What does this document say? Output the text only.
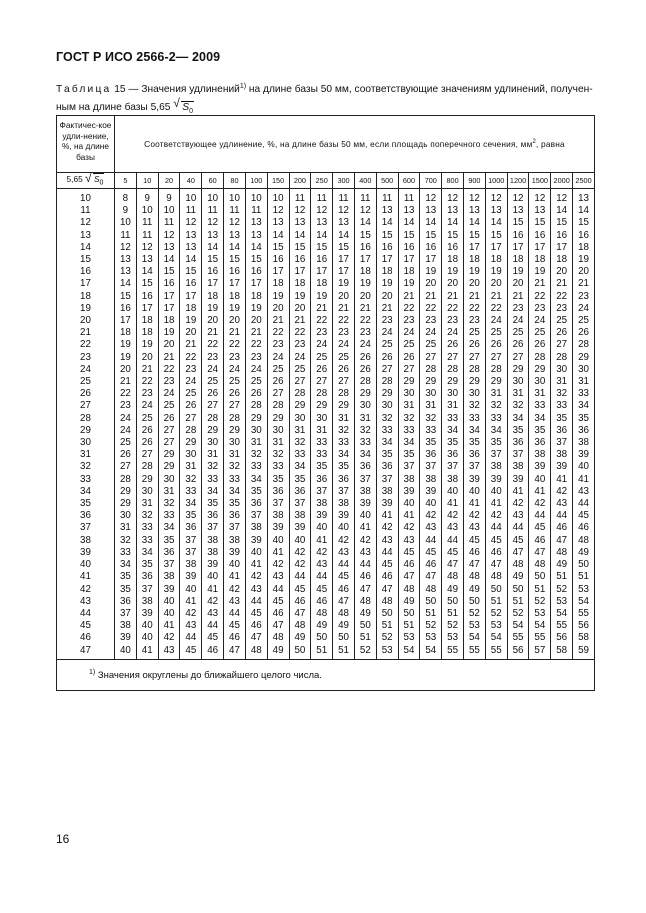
ГОСТ Р ИСО 2566-2— 2009
Таблица 15 — Значения удлинений$^{1)}$ на длине базы 50 мм, соответствующие значениям удлинений, получен-ным на длине базы 5,65 √ $S_0$
Фактичес-кое удли-нение, %, на длине базы	Соответствующее удлинение, %, на длине базы 50 мм, если площадь поперечного сечения, $мм^2$, равна																					
5,65 √ $S_0$	5	10	20	40	60	80	100	150	200	250	300	400	500	600	700	800	900	1000	1200	1500	2000	2500
10	8	9	9	10	10	10	10	10	11	11	11	11	11	11	12	12	12	12	12	12	12	13
11	9	10	10	11	11	11	11	12	12	12	12	12	13	13	13	13	13	13	13	13	14	14
12	10	11	11	12	12	12	13	13	13	13	13	14	14	14	14	14	14	14	15	15	15	15
13	11	11	12	13	13	13	13	14	14	14	14	15	15	15	15	15	15	15	16	16	16	16
14	12	12	13	13	14	14	14	15	15	15	15	16	16	16	16	16	17	17	17	17	17	18
15	13	13	14	14	15	15	15	16	16	16	17	17	17	17	17	18	18	18	18	18	18	19
16	13	14	15	15	16	16	16	17	17	17	17	18	18	18	19	19	19	19	19	19	20	20
17	14	15	16	16	17	17	17	18	18	18	19	19	19	19	20	20	20	20	20	21	21	21
18	15	16	17	17	18	18	18	19	19	19	20	20	20	21	21	21	21	21	21	22	22	23
19	16	17	17	18	19	19	19	20	20	21	21	21	21	22	22	22	22	22	23	23	23	24
20	17	18	18	19	20	20	20	21	21	22	22	22	23	23	23	23	23	24	24	24	25	25
21	18	18	19	20	21	21	21	22	22	23	23	23	24	24	24	24	25	25	25	25	26	26
22	19	19	20	21	22	22	22	23	23	24	24	24	25	25	25	26	26	26	26	26	27	28
23	19	20	21	22	23	23	23	24	24	25	25	26	26	26	27	27	27	27	27	28	28	29
24	20	21	22	23	24	24	24	25	25	26	26	26	27	27	28	28	28	28	29	29	30	30
25	21	22	23	24	25	25	25	26	27	27	27	28	28	29	29	29	29	29	30	30	31	31
26	22	23	24	25	26	26	26	27	28	28	28	29	29	30	30	30	30	31	31	31	32	33
27	23	24	25	26	27	27	28	28	29	29	29	30	30	31	31	31	32	32	32	33	33	34
28	24	25	26	27	28	28	29	29	30	30	31	31	32	32	32	33	33	33	34	34	35	35
29	24	26	27	28	29	29	30	30	31	31	32	32	33	33	33	34	34	34	35	35	36	36
30	25	26	27	29	30	30	31	31	32	33	33	33	34	34	35	35	35	35	36	36	37	38
31	26	27	29	30	31	31	32	32	33	33	34	34	35	35	36	36	36	37	37	38	38	39
32	27	28	29	31	32	32	33	33	34	35	35	36	36	37	37	37	37	38	38	39	39	40
33	28	29	30	32	33	33	34	35	35	36	36	37	37	38	38	38	39	39	39	40	41	41
34	29	30	31	33	34	34	35	36	36	37	37	38	38	39	39	40	40	40	41	41	42	43
35	29	31	32	34	35	35	36	37	37	38	38	39	39	40	40	41	41	41	42	42	43	44
36	30	32	33	35	36	36	37	38	38	39	39	40	41	41	42	42	42	42	43	44	44	45
37	31	33	34	36	37	37	38	39	39	40	40	41	42	42	43	43	43	44	44	45	46	46
38	32	33	35	37	38	38	39	40	40	41	42	42	43	43	44	44	45	45	45	46	47	48
39	33	34	36	37	38	39	40	41	42	42	43	43	44	45	45	45	46	46	47	47	48	49
40	34	35	37	38	39	40	41	42	42	43	44	44	45	46	46	47	47	47	48	48	49	50
41	35	36	38	39	40	41	42	43	44	44	45	46	46	47	47	48	48	48	49	50	51	51
42	35	37	39	40	41	42	43	44	45	45	46	47	47	48	48	49	49	50	50	51	52	53
43	36	38	40	41	42	43	44	45	46	46	47	48	48	49	50	50	50	51	51	52	53	54
44	37	39	40	42	43	44	45	46	47	48	48	49	50	50	51	51	52	52	52	53	54	55
45	38	40	41	43	44	45	46	47	48	49	49	50	51	51	52	52	53	53	54	54	55	56
46	39	40	42	44	45	46	47	48	49	50	50	51	52	53	53	53	54	54	55	55	56	58
47	40	41	43	45	46	47	48	49	50	51	51	52	53	54	54	55	55	55	56	57	58	59
$^{1)}$ Значения округлены до ближайшего целого числа.																						
16
